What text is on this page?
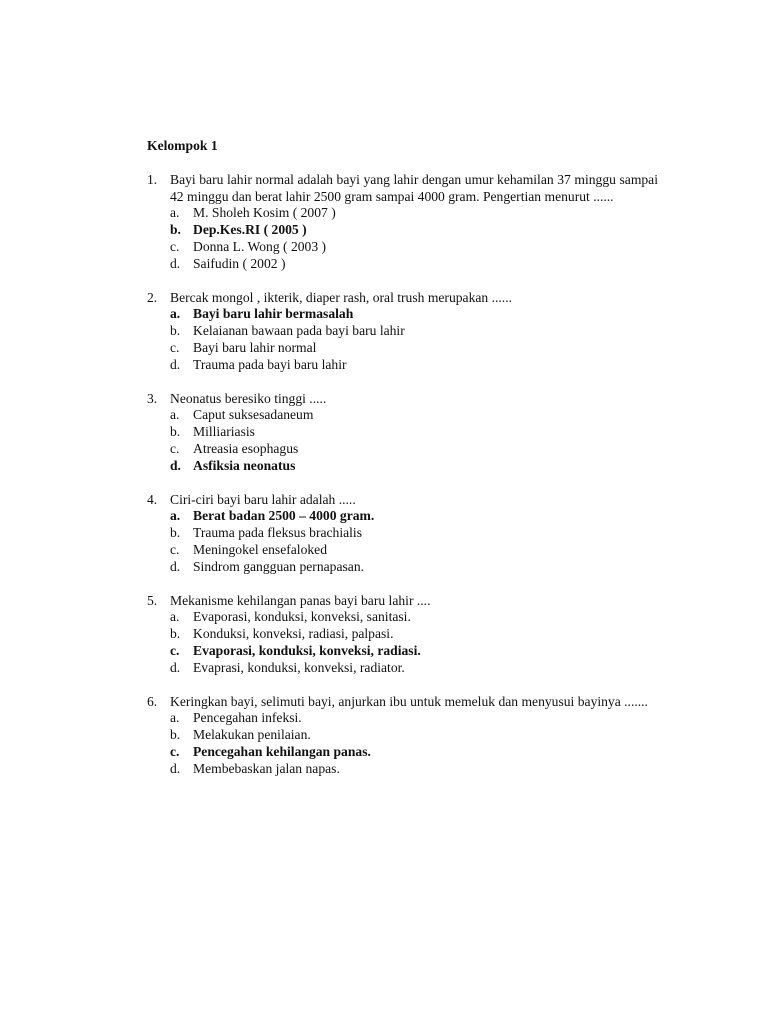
Kelompok 1
1. Bayi baru lahir normal adalah bayi yang lahir dengan umur kehamilan 37 minggu sampai 42 minggu dan berat lahir 2500 gram sampai 4000 gram. Pengertian menurut ......
a. M. Sholeh Kosim ( 2007 )
b. Dep.Kes.RI ( 2005 )
c. Donna L. Wong ( 2003 )
d. Saifudin ( 2002 )
2. Bercak mongol , ikterik, diaper rash, oral trush merupakan ......
a. Bayi baru lahir bermasalah
b. Kelaianan bawaan pada bayi baru lahir
c. Bayi baru lahir normal
d. Trauma pada bayi baru lahir
3. Neonatus beresiko tinggi .....
a. Caput suksesadaneum
b. Milliariasis
c. Atreasia esophagus
d. Asfiksia neonatus
4. Ciri-ciri bayi baru lahir adalah .....
a. Berat badan 2500 – 4000 gram.
b. Trauma pada fleksus brachialis
c. Meningokel ensefaloked
d. Sindrom gangguan pernapasan.
5. Mekanisme kehilangan panas bayi baru lahir ....
a. Evaporasi, konduksi, konveksi, sanitasi.
b. Konduksi, konveksi, radiasi, palpasi.
c. Evaporasi, konduksi, konveksi, radiasi.
d. Evaprasi, konduksi, konveksi, radiator.
6. Keringkan bayi, selimuti bayi, anjurkan ibu untuk memeluk dan menyusui bayinya .......
a. Pencegahan infeksi.
b. Melakukan penilaian.
c. Pencegahan kehilangan panas.
d. Membebaskan jalan napas.
